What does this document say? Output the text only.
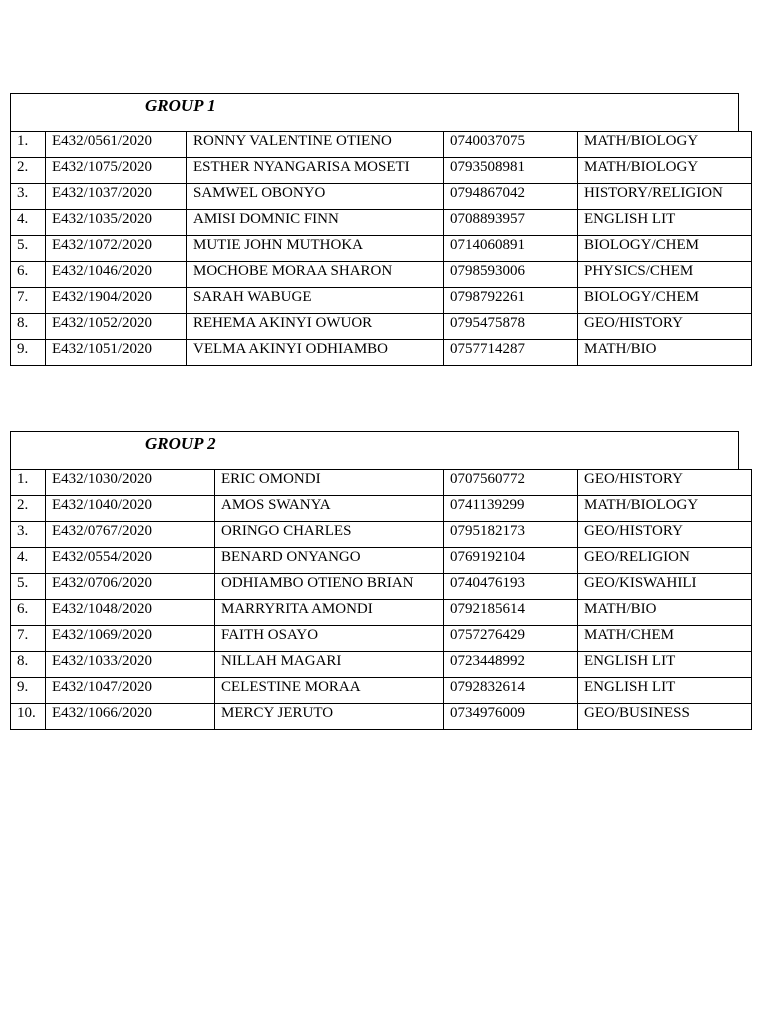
GROUP 1
1.	E432/0561/2020	RONNY VALENTINE OTIENO	0740037075	MATH/BIOLOGY
2.	E432/1075/2020	ESTHER NYANGARISA MOSETI	0793508981	MATH/BIOLOGY
3.	E432/1037/2020	SAMWEL OBONYO	0794867042	HISTORY/RELIGION
4.	E432/1035/2020	AMISI DOMNIC FINN	0708893957	ENGLISH LIT
5.	E432/1072/2020	MUTIE JOHN MUTHOKA	0714060891	BIOLOGY/CHEM
6.	E432/1046/2020	MOCHOBE MORAA SHARON	0798593006	PHYSICS/CHEM
7.	E432/1904/2020	SARAH WABUGE	0798792261	BIOLOGY/CHEM
8.	E432/1052/2020	REHEMA AKINYI OWUOR	0795475878	GEO/HISTORY
9.	E432/1051/2020	VELMA AKINYI ODHIAMBO	0757714287	MATH/BIO
GROUP 2
1.	E432/1030/2020	ERIC OMONDI	0707560772	GEO/HISTORY
2.	E432/1040/2020	AMOS SWANYA	0741139299	MATH/BIOLOGY
3.	E432/0767/2020	ORINGO CHARLES	0795182173	GEO/HISTORY
4.	E432/0554/2020	BENARD ONYANGO	0769192104	GEO/RELIGION
5.	E432/0706/2020	ODHIAMBO OTIENO BRIAN	0740476193	GEO/KISWAHILI
6.	E432/1048/2020	MARRYRITA AMONDI	0792185614	MATH/BIO
7.	E432/1069/2020	FAITH OSAYO	0757276429	MATH/CHEM
8.	E432/1033/2020	NILLAH MAGARI	0723448992	ENGLISH LIT
9.	E432/1047/2020	CELESTINE MORAA	0792832614	ENGLISH LIT
10.	E432/1066/2020	MERCY JERUTO	0734976009	GEO/BUSINESS
